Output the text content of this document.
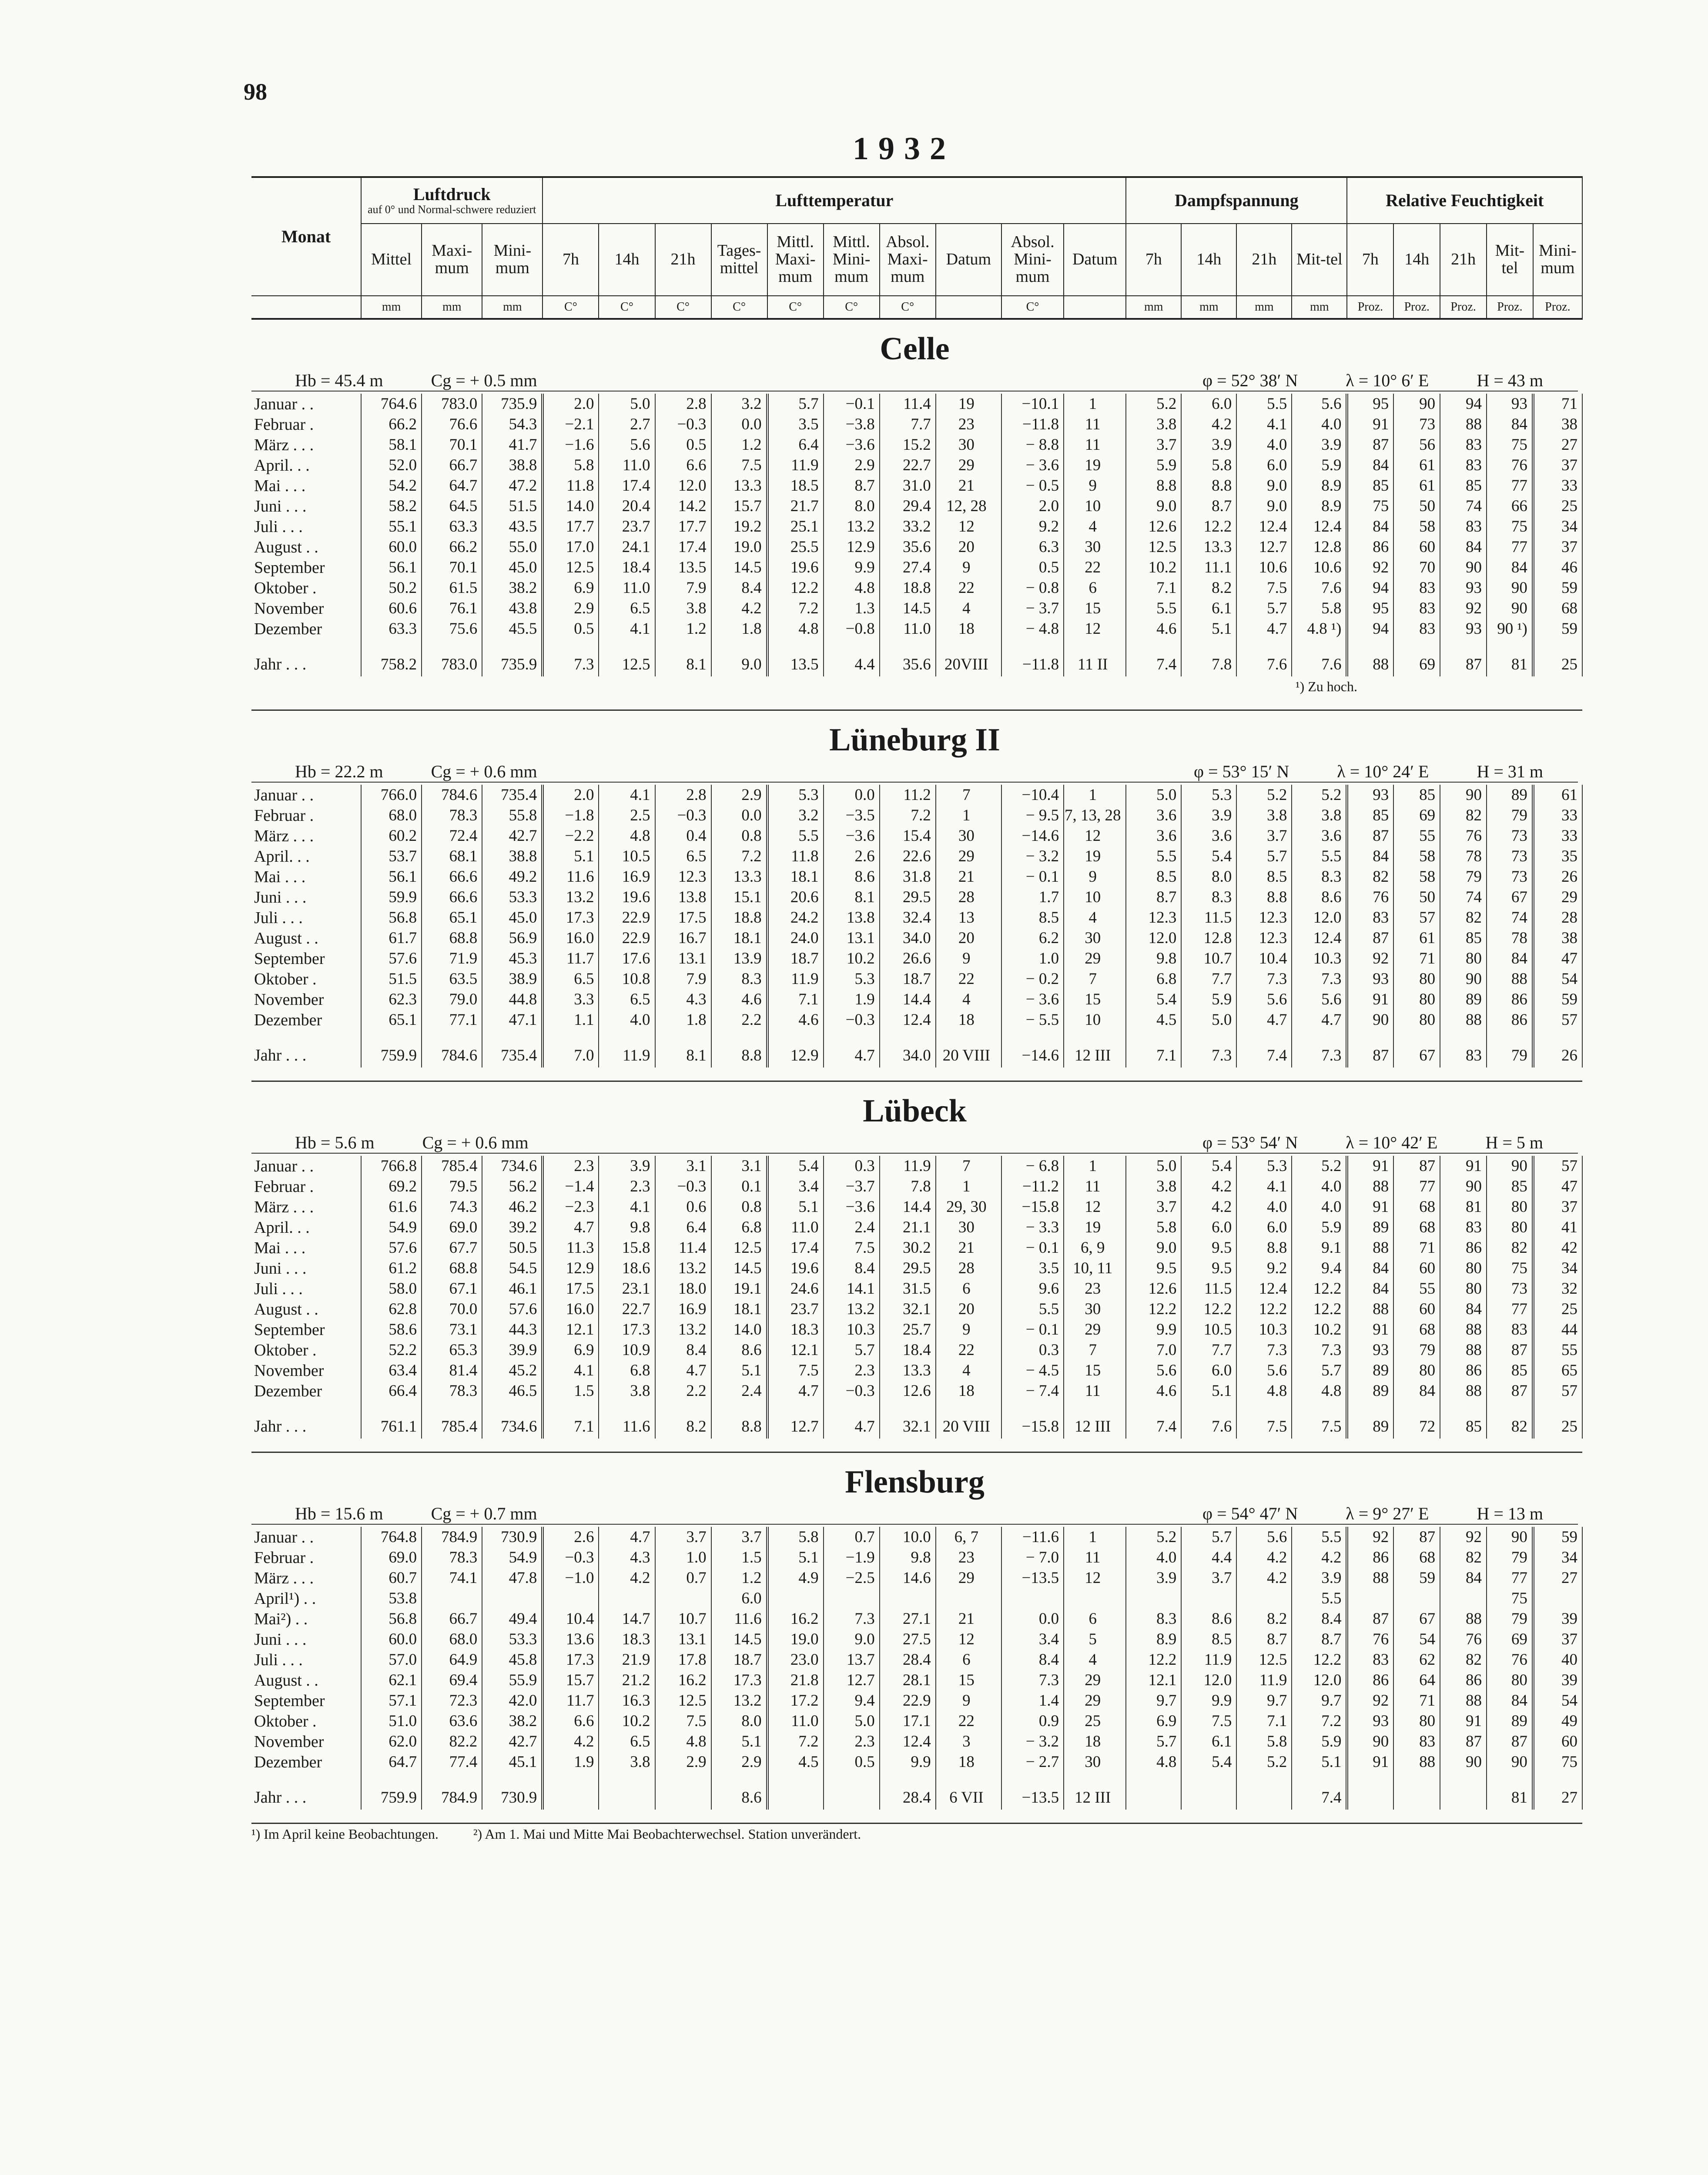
98
1932
Monat	Luftdruck
auf 0° und Normal-schwere reduziert			Lufttemperatur										Dampfspannung				Relative Feuchtigkeit				
	Mittel	Maxi-mum	Mini-mum	7h	14h	21h	Tages-mittel	Mittl. Maxi-mum	Mittl. Mini-mum	Absol. Maxi-mum	Datum	Absol. Mini-mum	Datum	7h	14h	21h	Mit-tel	7h	14h	21h	Mit-tel	Mini-mum
	mm	mm	mm	C°	C°	C°	C°	C°	C°	C°		C°		mm	mm	mm	mm	Proz.	Proz.	Proz.	Proz.	Proz.
Celle																						

Hb = 45.4 m Cg = + 0.5 mm φ = 52° 38′ N λ = 10° 6′ E H = 43 m																						

Januar . .	764.6	783.0	735.9	2.0	5.0	2.8	3.2	5.7	−0.1	11.4	19	−10.1	1	5.2	6.0	5.5	5.6	95	90	94	93	71
Februar .	66.2	76.6	54.3	−2.1	2.7	−0.3	0.0	3.5	−3.8	7.7	23	−11.8	11	3.8	4.2	4.1	4.0	91	73	88	84	38
März . . .	58.1	70.1	41.7	−1.6	5.6	0.5	1.2	6.4	−3.6	15.2	30	− 8.8	11	3.7	3.9	4.0	3.9	87	56	83	75	27
April. . .	52.0	66.7	38.8	5.8	11.0	6.6	7.5	11.9	2.9	22.7	29	− 3.6	19	5.9	5.8	6.0	5.9	84	61	83	76	37
Mai . . .	54.2	64.7	47.2	11.8	17.4	12.0	13.3	18.5	8.7	31.0	21	− 0.5	9	8.8	8.8	9.0	8.9	85	61	85	77	33
Juni . . .	58.2	64.5	51.5	14.0	20.4	14.2	15.7	21.7	8.0	29.4	12, 28	2.0	10	9.0	8.7	9.0	8.9	75	50	74	66	25
Juli . . .	55.1	63.3	43.5	17.7	23.7	17.7	19.2	25.1	13.2	33.2	12	9.2	4	12.6	12.2	12.4	12.4	84	58	83	75	34
August . .	60.0	66.2	55.0	17.0	24.1	17.4	19.0	25.5	12.9	35.6	20	6.3	30	12.5	13.3	12.7	12.8	86	60	84	77	37
September	56.1	70.1	45.0	12.5	18.4	13.5	14.5	19.6	9.9	27.4	9	0.5	22	10.2	11.1	10.6	10.6	92	70	90	84	46
Oktober .	50.2	61.5	38.2	6.9	11.0	7.9	8.4	12.2	4.8	18.8	22	− 0.8	6	7.1	8.2	7.5	7.6	94	83	93	90	59
November	60.6	76.1	43.8	2.9	6.5	3.8	4.2	7.2	1.3	14.5	4	− 3.7	15	5.5	6.1	5.7	5.8	95	83	92	90	68
Dezember	63.3	75.6	45.5	0.5	4.1	1.2	1.8	4.8	−0.8	11.0	18	− 4.8	12	4.6	5.1	4.7	4.8 ¹)	94	83	93	90 ¹)	59

Jahr . . .	758.2	783.0	735.9	7.3	12.5	8.1	9.0	13.5	4.4	35.6	20VIII	−11.8	11 II	7.4	7.8	7.6	7.6	88	69	87	81	25
¹) Zu hoch.																						

Lüneburg II																						

Hb = 22.2 m Cg = + 0.6 mm φ = 53° 15′ N λ = 10° 24′ E H = 31 m																						

Januar . .	766.0	784.6	735.4	2.0	4.1	2.8	2.9	5.3	0.0	11.2	7	−10.4	1	5.0	5.3	5.2	5.2	93	85	90	89	61
Februar .	68.0	78.3	55.8	−1.8	2.5	−0.3	0.0	3.2	−3.5	7.2	1	− 9.5	7, 13, 28	3.6	3.9	3.8	3.8	85	69	82	79	33
März . . .	60.2	72.4	42.7	−2.2	4.8	0.4	0.8	5.5	−3.6	15.4	30	−14.6	12	3.6	3.6	3.7	3.6	87	55	76	73	33
April. . .	53.7	68.1	38.8	5.1	10.5	6.5	7.2	11.8	2.6	22.6	29	− 3.2	19	5.5	5.4	5.7	5.5	84	58	78	73	35
Mai . . .	56.1	66.6	49.2	11.6	16.9	12.3	13.3	18.1	8.6	31.8	21	− 0.1	9	8.5	8.0	8.5	8.3	82	58	79	73	26
Juni . . .	59.9	66.6	53.3	13.2	19.6	13.8	15.1	20.6	8.1	29.5	28	1.7	10	8.7	8.3	8.8	8.6	76	50	74	67	29
Juli . . .	56.8	65.1	45.0	17.3	22.9	17.5	18.8	24.2	13.8	32.4	13	8.5	4	12.3	11.5	12.3	12.0	83	57	82	74	28
August . .	61.7	68.8	56.9	16.0	22.9	16.7	18.1	24.0	13.1	34.0	20	6.2	30	12.0	12.8	12.3	12.4	87	61	85	78	38
September	57.6	71.9	45.3	11.7	17.6	13.1	13.9	18.7	10.2	26.6	9	1.0	29	9.8	10.7	10.4	10.3	92	71	80	84	47
Oktober .	51.5	63.5	38.9	6.5	10.8	7.9	8.3	11.9	5.3	18.7	22	− 0.2	7	6.8	7.7	7.3	7.3	93	80	90	88	54
November	62.3	79.0	44.8	3.3	6.5	4.3	4.6	7.1	1.9	14.4	4	− 3.6	15	5.4	5.9	5.6	5.6	91	80	89	86	59
Dezember	65.1	77.1	47.1	1.1	4.0	1.8	2.2	4.6	−0.3	12.4	18	− 5.5	10	4.5	5.0	4.7	4.7	90	80	88	86	57

Jahr . . .	759.9	784.6	735.4	7.0	11.9	8.1	8.8	12.9	4.7	34.0	20 VIII	−14.6	12 III	7.1	7.3	7.4	7.3	87	67	83	79	26

Lübeck																						

Hb = 5.6 m Cg = + 0.6 mm φ = 53° 54′ N λ = 10° 42′ E H = 5 m																						

Januar . .	766.8	785.4	734.6	2.3	3.9	3.1	3.1	5.4	0.3	11.9	7	− 6.8	1	5.0	5.4	5.3	5.2	91	87	91	90	57
Februar .	69.2	79.5	56.2	−1.4	2.3	−0.3	0.1	3.4	−3.7	7.8	1	−11.2	11	3.8	4.2	4.1	4.0	88	77	90	85	47
März . . .	61.6	74.3	46.2	−2.3	4.1	0.6	0.8	5.1	−3.6	14.4	29, 30	−15.8	12	3.7	4.2	4.0	4.0	91	68	81	80	37
April. . .	54.9	69.0	39.2	4.7	9.8	6.4	6.8	11.0	2.4	21.1	30	− 3.3	19	5.8	6.0	6.0	5.9	89	68	83	80	41
Mai . . .	57.6	67.7	50.5	11.3	15.8	11.4	12.5	17.4	7.5	30.2	21	− 0.1	6, 9	9.0	9.5	8.8	9.1	88	71	86	82	42
Juni . . .	61.2	68.8	54.5	12.9	18.6	13.2	14.5	19.6	8.4	29.5	28	3.5	10, 11	9.5	9.5	9.2	9.4	84	60	80	75	34
Juli . . .	58.0	67.1	46.1	17.5	23.1	18.0	19.1	24.6	14.1	31.5	6	9.6	23	12.6	11.5	12.4	12.2	84	55	80	73	32
August . .	62.8	70.0	57.6	16.0	22.7	16.9	18.1	23.7	13.2	32.1	20	5.5	30	12.2	12.2	12.2	12.2	88	60	84	77	25
September	58.6	73.1	44.3	12.1	17.3	13.2	14.0	18.3	10.3	25.7	9	− 0.1	29	9.9	10.5	10.3	10.2	91	68	88	83	44
Oktober .	52.2	65.3	39.9	6.9	10.9	8.4	8.6	12.1	5.7	18.4	22	0.3	7	7.0	7.7	7.3	7.3	93	79	88	87	55
November	63.4	81.4	45.2	4.1	6.8	4.7	5.1	7.5	2.3	13.3	4	− 4.5	15	5.6	6.0	5.6	5.7	89	80	86	85	65
Dezember	66.4	78.3	46.5	1.5	3.8	2.2	2.4	4.7	−0.3	12.6	18	− 7.4	11	4.6	5.1	4.8	4.8	89	84	88	87	57

Jahr . . .	761.1	785.4	734.6	7.1	11.6	8.2	8.8	12.7	4.7	32.1	20 VIII	−15.8	12 III	7.4	7.6	7.5	7.5	89	72	85	82	25

Flensburg																						

Hb = 15.6 m Cg = + 0.7 mm φ = 54° 47′ N λ = 9° 27′ E H = 13 m																						

Januar . .	764.8	784.9	730.9	2.6	4.7	3.7	3.7	5.8	0.7	10.0	6, 7	−11.6	1	5.2	5.7	5.6	5.5	92	87	92	90	59
Februar .	69.0	78.3	54.9	−0.3	4.3	1.0	1.5	5.1	−1.9	9.8	23	− 7.0	11	4.0	4.4	4.2	4.2	86	68	82	79	34
März . . .	60.7	74.1	47.8	−1.0	4.2	0.7	1.2	4.9	−2.5	14.6	29	−13.5	12	3.9	3.7	4.2	3.9	88	59	84	77	27
April¹) . .	53.8						6.0										5.5				75	
Mai²) . .	56.8	66.7	49.4	10.4	14.7	10.7	11.6	16.2	7.3	27.1	21	0.0	6	8.3	8.6	8.2	8.4	87	67	88	79	39
Juni . . .	60.0	68.0	53.3	13.6	18.3	13.1	14.5	19.0	9.0	27.5	12	3.4	5	8.9	8.5	8.7	8.7	76	54	76	69	37
Juli . . .	57.0	64.9	45.8	17.3	21.9	17.8	18.7	23.0	13.7	28.4	6	8.4	4	12.2	11.9	12.5	12.2	83	62	82	76	40
August . .	62.1	69.4	55.9	15.7	21.2	16.2	17.3	21.8	12.7	28.1	15	7.3	29	12.1	12.0	11.9	12.0	86	64	86	80	39
September	57.1	72.3	42.0	11.7	16.3	12.5	13.2	17.2	9.4	22.9	9	1.4	29	9.7	9.9	9.7	9.7	92	71	88	84	54
Oktober .	51.0	63.6	38.2	6.6	10.2	7.5	8.0	11.0	5.0	17.1	22	0.9	25	6.9	7.5	7.1	7.2	93	80	91	89	49
November	62.0	82.2	42.7	4.2	6.5	4.8	5.1	7.2	2.3	12.4	3	− 3.2	18	5.7	6.1	5.8	5.9	90	83	87	87	60
Dezember	64.7	77.4	45.1	1.9	3.8	2.9	2.9	4.5	0.5	9.9	18	− 2.7	30	4.8	5.4	5.2	5.1	91	88	90	90	75

Jahr . . .	759.9	784.9	730.9				8.6			28.4	6 VII	−13.5	12 III				7.4				81	27

¹) Im April keine Beobachtungen. ²) Am 1. Mai und Mitte Mai Beobachterwechsel. Station unverändert.																						
